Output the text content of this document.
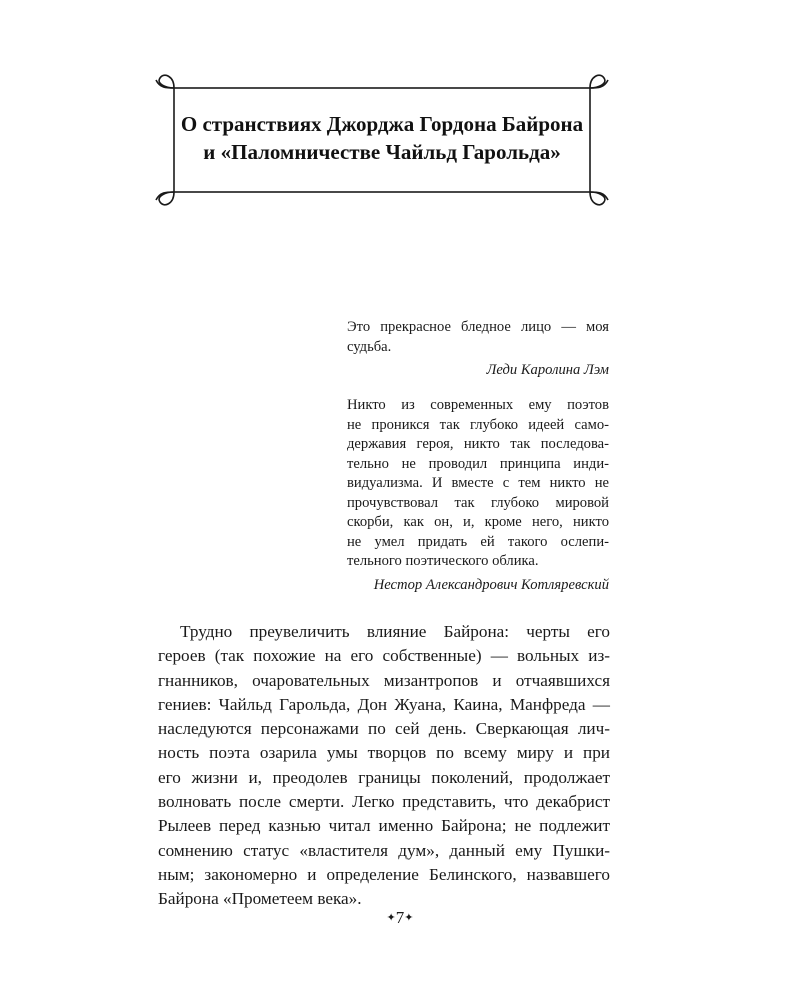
О странствиях Джорджа Гордона Байрона
и «Паломничестве Чайльд Гарольда»
Это прекрасное бледное лицо — моя
судьба.
Леди Каролина Лэм
Никто из современных ему поэтов
не проникся так глубоко идеей само-
державия героя, никто так последова-
тельно не проводил принципа инди-
видуализма. И вместе с тем никто не
прочувствовал так глубоко мировой
скорби, как он, и, кроме него, никто
не умел придать ей такого ослепи-
тельного поэтического облика.
Нестор Александрович Котляревский
Трудно преувеличить влияние Байрона: черты его
героев (так похожие на его собственные) — вольных из-
гнанников, очаровательных мизантропов и отчаявшихся
гениев: Чайльд Гарольда, Дон Жуана, Каина, Манфреда —
наследуются персонажами по сей день. Сверкающая лич-
ность поэта озарила умы творцов по всему миру и при
его жизни и, преодолев границы поколений, продолжает
волновать после смерти. Легко представить, что декабрист
Рылеев перед казнью читал именно Байрона; не подлежит
сомнению статус «властителя дум», данный ему Пушки-
ным; закономерно и определение Белинского, назвавшего
Байрона «Прометеем века».
✦7✦
